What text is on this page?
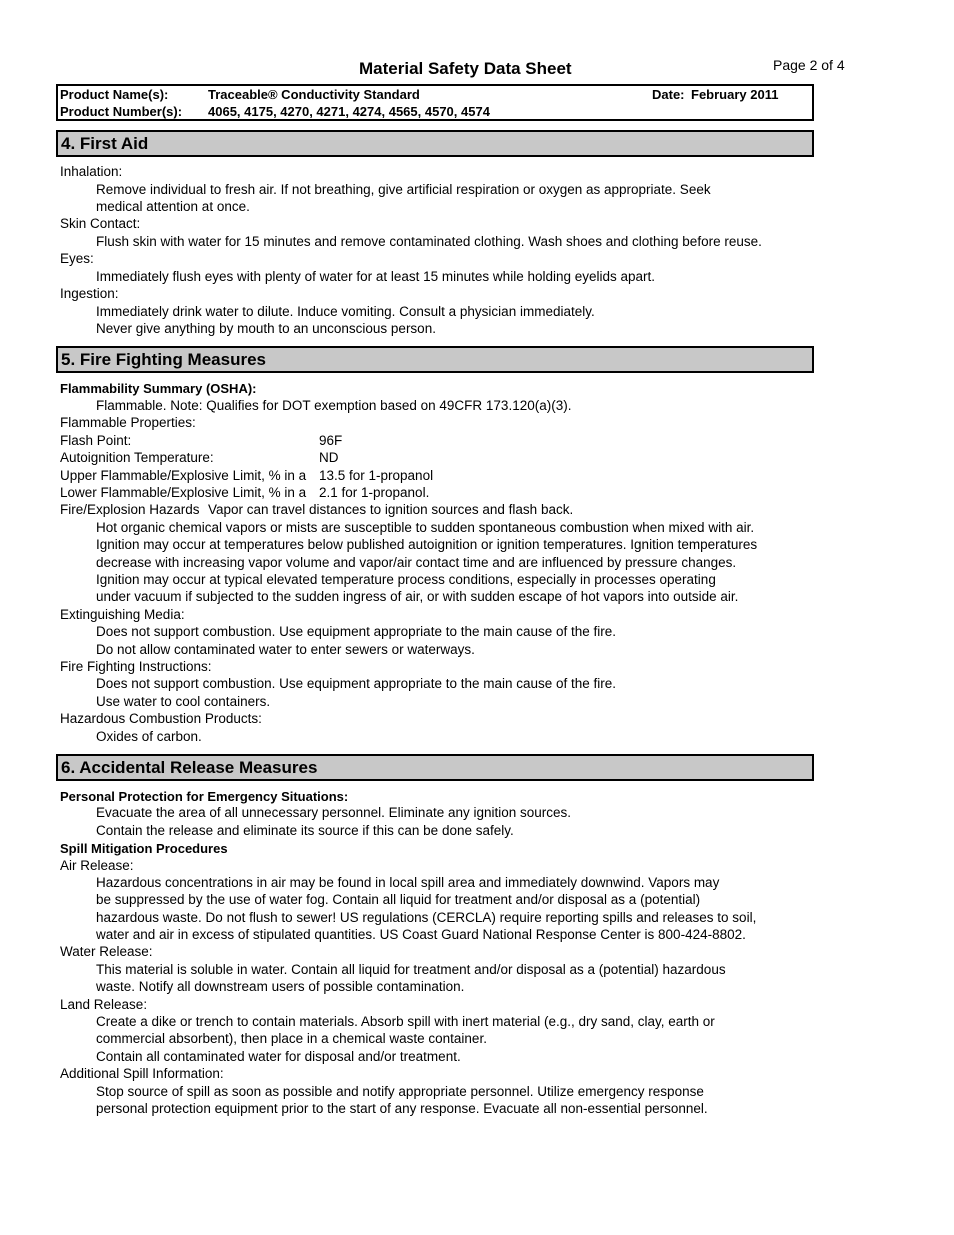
Material Safety Data Sheet	Page 2 of 4
Product Name(s):	Traceable® Conductivity Standard	Date: February 2011
Product Number(s): 4065, 4175, 4270, 4271, 4274, 4565, 4570, 4574
4. First Aid
Inhalation:
Remove individual to fresh air. If not breathing, give artificial respiration or oxygen as appropriate. Seek
medical attention at once.
Skin Contact:
Flush skin with water for 15 minutes and remove contaminated clothing. Wash shoes and clothing before reuse.
Eyes:
Immediately flush eyes with plenty of water for at least 15 minutes while holding eyelids apart.
Ingestion:
Immediately drink water to dilute. Induce vomiting. Consult a physician immediately.
Never give anything by mouth to an unconscious person.
5. Fire Fighting Measures
Flammability Summary (OSHA):
Flammable. Note: Qualifies for DOT exemption based on 49CFR 173.120(a)(3).
Flammable Properties:
Flash Point:	96F
Autoignition Temperature:	ND
Upper Flammable/Explosive Limit, % in a 13.5 for 1-propanol
Lower Flammable/Explosive Limit, % in a 2.1 for 1-propanol.
Fire/Explosion Hazards Vapor can travel distances to ignition sources and flash back.
Hot organic chemical vapors or mists are susceptible to sudden spontaneous combustion when mixed with air.
Ignition may occur at temperatures below published autoignition or ignition temperatures. Ignition temperatures
decrease with increasing vapor volume and vapor/air contact time and are influenced by pressure changes.
Ignition may occur at typical elevated temperature process conditions, especially in processes operating
under vacuum if subjected to the sudden ingress of air, or with sudden escape of hot vapors into outside air.
Extinguishing Media:
Does not support combustion. Use equipment appropriate to the main cause of the fire.
Do not allow contaminated water to enter sewers or waterways.
Fire Fighting Instructions:
Does not support combustion. Use equipment appropriate to the main cause of the fire.
Use water to cool containers.
Hazardous Combustion Products:
Oxides of carbon.
6. Accidental Release Measures
Personal Protection for Emergency Situations:
Evacuate the area of all unnecessary personnel. Eliminate any ignition sources.
Contain the release and eliminate its source if this can be done safely.
Spill Mitigation Procedures
Air Release:
Hazardous concentrations in air may be found in local spill area and immediately downwind. Vapors may
be suppressed by the use of water fog. Contain all liquid for treatment and/or disposal as a (potential)
hazardous waste. Do not flush to sewer! US regulations (CERCLA) require reporting spills and releases to soil,
water and air in excess of stipulated quantities. US Coast Guard National Response Center is 800-424-8802.
Water Release:
This material is soluble in water. Contain all liquid for treatment and/or disposal as a (potential) hazardous
waste. Notify all downstream users of possible contamination.
Land Release:
Create a dike or trench to contain materials. Absorb spill with inert material (e.g., dry sand, clay, earth or
commercial absorbent), then place in a chemical waste container.
Contain all contaminated water for disposal and/or treatment.
Additional Spill Information:
Stop source of spill as soon as possible and notify appropriate personnel. Utilize emergency response
personal protection equipment prior to the start of any response. Evacuate all non-essential personnel.
